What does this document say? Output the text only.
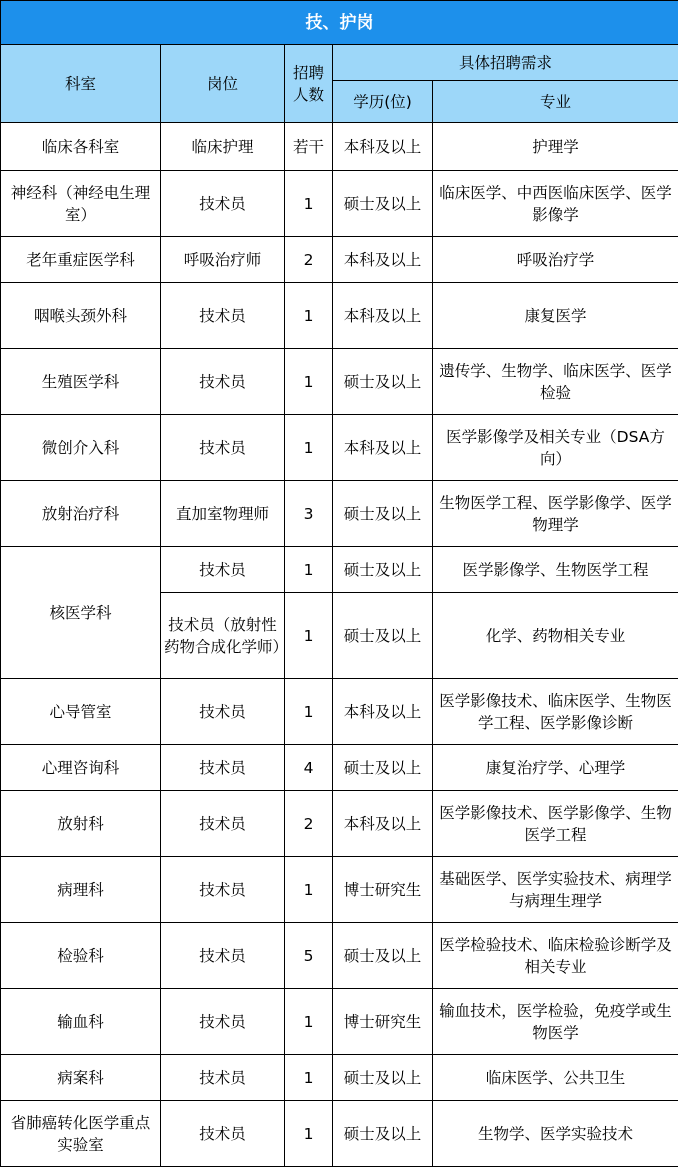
技、护岗				
科室	岗位	招聘人数	具体招聘需求	
			学历(位)	专业
临床各科室	临床护理	若干	本科及以上	护理学
神经科（神经电生理室）	技术员	1	硕士及以上	临床医学、中西医临床医学、医学影像学
老年重症医学科	呼吸治疗师	2	本科及以上	呼吸治疗学
咽喉头颈外科	技术员	1	本科及以上	康复医学
生殖医学科	技术员	1	硕士及以上	遗传学、生物学、临床医学、医学检验
微创介入科	技术员	1	本科及以上	医学影像学及相关专业（DSA方向）
放射治疗科	直加室物理师	3	硕士及以上	生物医学工程、医学影像学、医学物理学
核医学科	技术员	1	硕士及以上	医学影像学、生物医学工程
	技术员（放射性药物合成化学师）	1	硕士及以上	化学、药物相关专业
心导管室	技术员	1	本科及以上	医学影像技术、临床医学、生物医学工程、医学影像诊断
心理咨询科	技术员	4	硕士及以上	康复治疗学、心理学
放射科	技术员	2	本科及以上	医学影像技术、医学影像学、生物医学工程
病理科	技术员	1	博士研究生	基础医学、医学实验技术、病理学与病理生理学
检验科	技术员	5	硕士及以上	医学检验技术、临床检验诊断学及相关专业
输血科	技术员	1	博士研究生	输血技术，医学检验，免疫学或生物医学
病案科	技术员	1	硕士及以上	临床医学、公共卫生
省肺癌转化医学重点实验室	技术员	1	硕士及以上	生物学、医学实验技术
